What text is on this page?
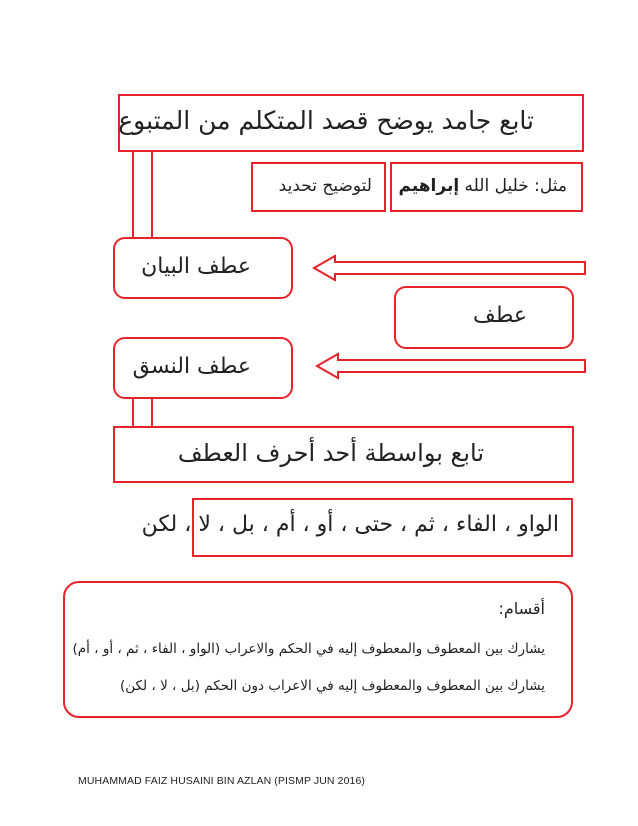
تابع جامد يوضح قصد المتكلم من المتبوع
لتوضيح تحديد	مثل: خليل الله إبراهيم
عطف البيان
عطف
عطف النسق
تابع بواسطة أحد أحرف العطف
الواو ، الفاء ، ثم ، حتى ، أو ، أم ، بل ، لا ، لكن
أقسام:
يشارك بين المعطوف والمعطوف إليه في الحكم والاعراب (الواو ، الفاء ، ثم ، أو ، أم)
يشارك بين المعطوف والمعطوف إليه في الاعراب دون الحكم (بل ، لا ، لكن)
MUHAMMAD FAIZ HUSAINI BIN AZLAN (PISMP JUN 2016)
